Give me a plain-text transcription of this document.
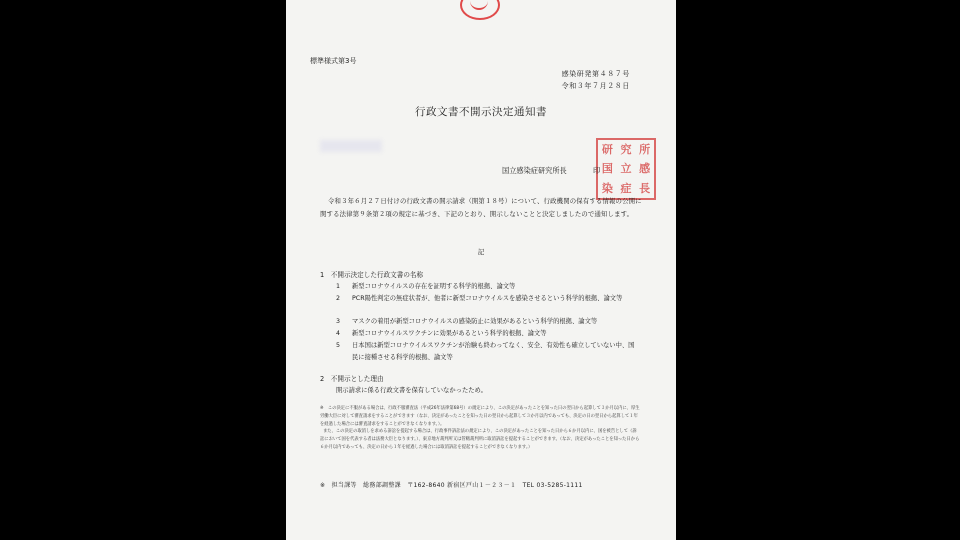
標準様式第3号
感染研発第４８７号
令和３年７月２８日
行政文書不開示決定通知書
研 究 所
国 立 感
染 症 長
国立感染症研究所長	印
令和３年６月２７日付けの行政文書の開示請求（開第１８号）について、行政機関の保有する情報の公開に関する法律第９条第２項の規定に基づき、下記のとおり、開示しないことと決定しましたので通知します。
記
1　不開示決定した行政文書の名称
1 新型コロナウイルスの存在を証明する科学的根拠、論文等
2 PCR陽性判定の無症状者が、他者に新型コロナウイルスを感染させるという科学的根拠、論文等
3 マスクの着用が新型コロナウイルスの感染防止に効果があるという科学的根拠、論文等
4 新型コロナウイルスワクチンに効果があるという科学的根拠、論文等
5 日本国は新型コロナウイルスワクチンが治験も終わってなく、安全、有効性も確立していない中、国民に接種させる科学的根拠、論文等
2　不開示とした理由
開示請求に係る行政文書を保有していなかったため。
※　この決定に不服がある場合は、行政不服審査法（平成26年法律第68号）の規定により、この決定があったことを知った日の翌日から起算して３か月以内に、厚生労働大臣に対して審査請求をすることができます（なお、決定があったことを知った日の翌日から起算して３か月以内であっても、決定の日の翌日から起算して１年を経過した場合には審査請求をすることができなくなります。）。
また、この決定の取消しを求める訴訟を提起する場合は、行政事件訴訟法の規定により、この決定があったことを知った日から６か月以内に、国を被告として（訴訟において国を代表する者は法務大臣となります。）、東京地方裁判所又は管轄裁判所に取消訴訟を提起することができます。（なお、決定があったことを知った日から６か月以内であっても、決定の日から１年を経過した場合には取消訴訟を提起することができなくなります。）
※　担当課等　総務部調整課　〒162-8640 新宿区戸山１－２３－１　TEL 03-5285-1111
